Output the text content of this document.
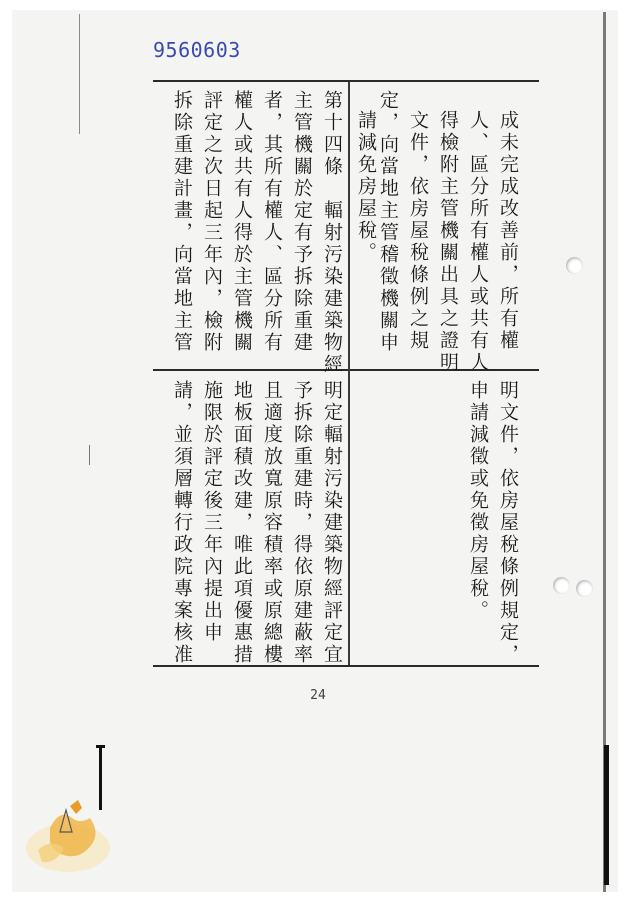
9560603
成未完成改善前，所有權
人、區分所有權人或共有人
得檢附主管機關出具之證明
文件，依房屋稅條例之規
定，向當地主管稽徵機關申
請減免房屋稅。
第十四條　輻射污染建築物經
主管機關於定有予拆除重建
者，其所有權人、區分所有
權人或共有人得於主管機關
評定之次日起三年內，檢附
拆除重建計畫，向當地主管
明文件，依房屋稅條例規定，
申請減徵或免徵房屋稅。
明定輻射污染建築物經評定宜
予拆除重建時，得依原建蔽率
且適度放寬原容積率或原總樓
地板面積改建，唯此項優惠措
施限於評定後三年內提出申
請，並須層轉行政院專案核准
24
